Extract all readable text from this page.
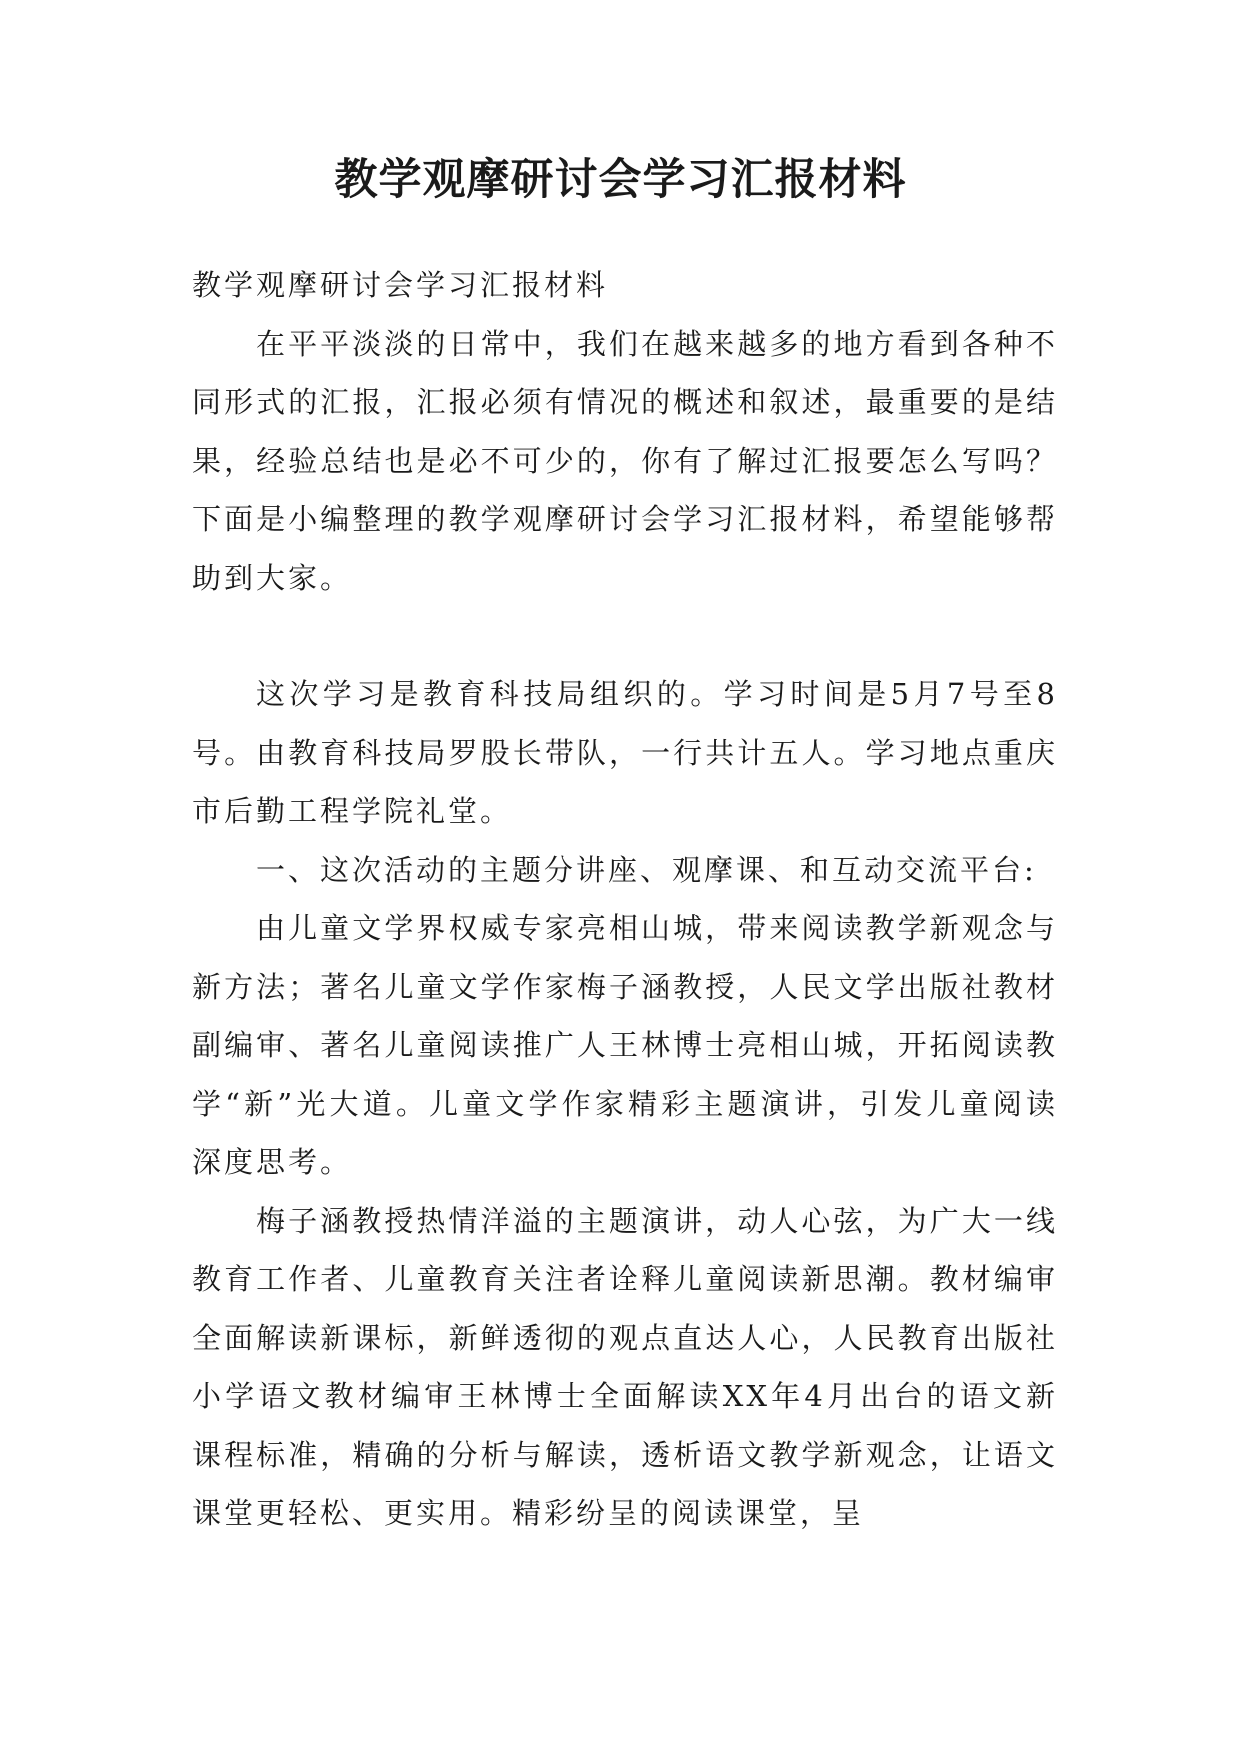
教学观摩研讨会学习汇报材料

教学观摩研讨会学习汇报材料

在平平淡淡的日常中，我们在越来越多的地方看到各种不同形式的汇报，汇报必须有情况的概述和叙述，最重要的是结果，经验总结也是必不可少的，你有了解过汇报要怎么写吗？下面是小编整理的教学观摩研讨会学习汇报材料，希望能够帮助到大家。

这次学习是教育科技局组织的。学习时间是5月7号至8号。由教育科技局罗股长带队，一行共计五人。学习地点重庆市后勤工程学院礼堂。

一、这次活动的主题分讲座、观摩课、和互动交流平台:

由儿童文学界权威专家亮相山城，带来阅读教学新观念与新方法；著名儿童文学作家梅子涵教授，人民文学出版社教材副编审、著名儿童阅读推广人王林博士亮相山城，开拓阅读教学“新”光大道。儿童文学作家精彩主题演讲，引发儿童阅读深度思考。

梅子涵教授热情洋溢的主题演讲，动人心弦，为广大一线教育工作者、儿童教育关注者诠释儿童阅读新思潮。教材编审全面解读新课标，新鲜透彻的观点直达人心，人民教育出版社小学语文教材编审王林博士全面解读XX年4月出台的语文新课程标准，精确的分析与解读，透析语文教学新观念，让语文课堂更轻松、更实用。精彩纷呈的阅读课堂，呈
